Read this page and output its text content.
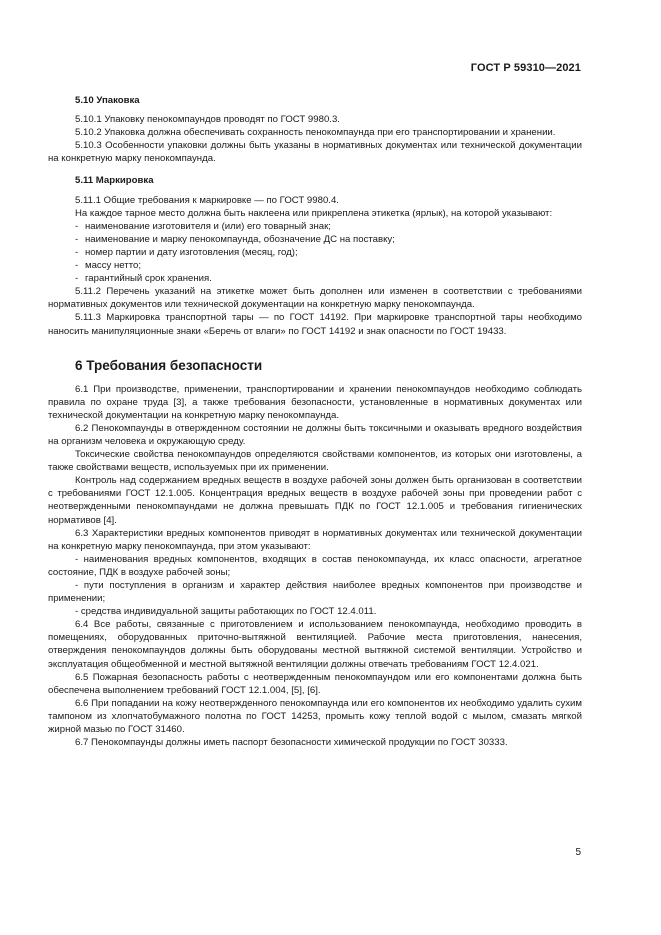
ГОСТ Р 59310—2021

5.10 Упаковка

5.10.1 Упаковку пенокомпаундов проводят по ГОСТ 9980.3.

5.10.2 Упаковка должна обеспечивать сохранность пенокомпаунда при его транспортировании и хранении.

5.10.3 Особенности упаковки должны быть указаны в нормативных документах или технической документации на конкретную марку пенокомпаунда.

5.11 Маркировка

5.11.1 Общие требования к маркировке — по ГОСТ 9980.4.

На каждое тарное место должна быть наклеена или прикреплена этикетка (ярлык), на которой указывают:

- наименование изготовителя и (или) его товарный знак;

- наименование и марку пенокомпаунда, обозначение ДС на поставку;

- номер партии и дату изготовления (месяц, год);

- массу нетто;

- гарантийный срок хранения.

5.11.2 Перечень указаний на этикетке может быть дополнен или изменен в соответствии с требованиями нормативных документов или технической документации на конкретную марку пенокомпаунда.

5.11.3 Маркировка транспортной тары — по ГОСТ 14192. При маркировке транспортной тары необходимо наносить манипуляционные знаки «Беречь от влаги» по ГОСТ 14192 и знак опасности по ГОСТ 19433.

6 Требования безопасности

6.1 При производстве, применении, транспортировании и хранении пенокомпаундов необходимо соблюдать правила по охране труда [3], а также требования безопасности, установленные в нормативных документах или технической документации на конкретную марку пенокомпаунда.

6.2 Пенокомпаунды в отвержденном состоянии не должны быть токсичными и оказывать вредного воздействия на организм человека и окружающую среду.

Токсические свойства пенокомпаундов определяются свойствами компонентов, из которых они изготовлены, а также свойствами веществ, используемых при их применении.

Контроль над содержанием вредных веществ в воздухе рабочей зоны должен быть организован в соответствии с требованиями ГОСТ 12.1.005. Концентрация вредных веществ в воздухе рабочей зоны при проведении работ с неотвержденными пенокомпаундами не должна превышать ПДК по ГОСТ 12.1.005 и требования гигиенических нормативов [4].

6.3 Характеристики вредных компонентов приводят в нормативных документах или технической документации на конкретную марку пенокомпаунда, при этом указывают:

- наименования вредных компонентов, входящих в состав пенокомпаунда, их класс опасности, агрегатное состояние, ПДК в воздухе рабочей зоны;

- пути поступления в организм и характер действия наиболее вредных компонентов при производстве и применении;

- средства индивидуальной защиты работающих по ГОСТ 12.4.011.

6.4 Все работы, связанные с приготовлением и использованием пенокомпаунда, необходимо проводить в помещениях, оборудованных приточно-вытяжной вентиляцией. Рабочие места приготовления, нанесения, отверждения пенокомпаундов должны быть оборудованы местной вытяжной системой вентиляции. Устройство и эксплуатация общеобменной и местной вытяжной вентиляции должны отвечать требованиям ГОСТ 12.4.021.

6.5 Пожарная безопасность работы с неотвержденным пенокомпаундом или его компонентами должна быть обеспечена выполнением требований ГОСТ 12.1.004, [5], [6].

6.6 При попадании на кожу неотвержденного пенокомпаунда или его компонентов их необходимо удалить сухим тампоном из хлопчатобумажного полотна по ГОСТ 14253, промыть кожу теплой водой с мылом, смазать мягкой жирной мазью по ГОСТ 31460.

6.7 Пенокомпаунды должны иметь паспорт безопасности химической продукции по ГОСТ 30333.

5
